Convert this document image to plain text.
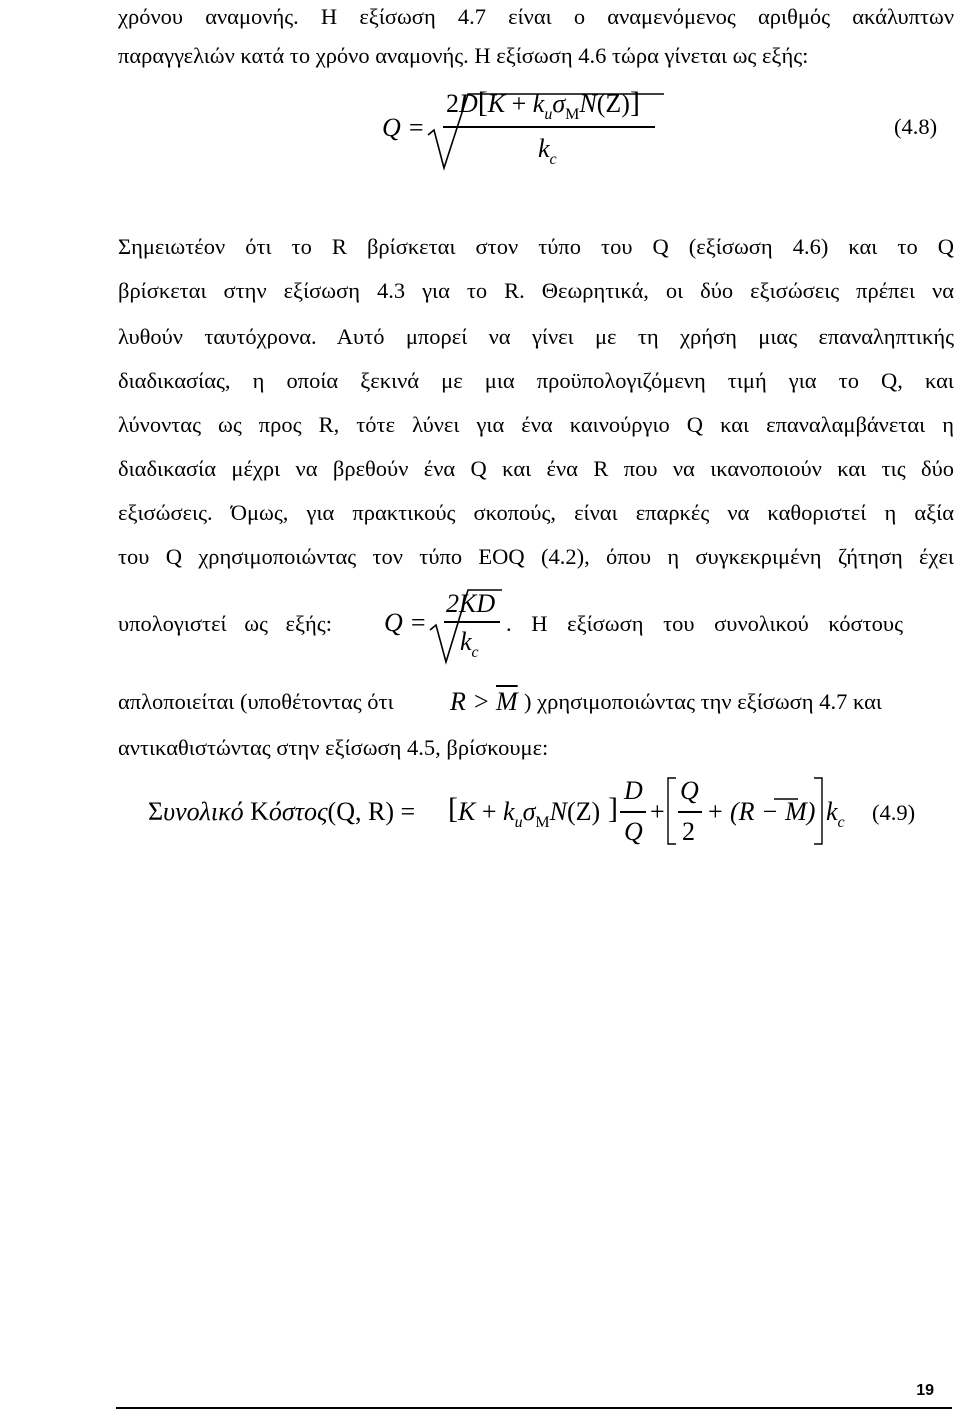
χρόνου αναμονής. Η εξίσωση 4.7 είναι ο αναμενόμενος αριθμός ακάλυπτων
παραγγελιών κατά το χρόνο αναμονής. Η εξίσωση 4.6 τώρα γίνεται ως εξής:
Q =
$2D[K + k_u\sigma_MN(Z)]$
$k_c$
(4.8)
Σημειωτέον ότι το R βρίσκεται στον τύπο του Q (εξίσωση 4.6) και το Q
βρίσκεται στην εξίσωση 4.3 για το R. Θεωρητικά, οι δύο εξισώσεις πρέπει να
λυθούν ταυτόχρονα. Αυτό μπορεί να γίνει με τη χρήση μιας επαναληπτικής
διαδικασίας, η οποία ξεκινά με μια προϋπολογιζόμενη τιμή για το Q, και
λύνοντας ως προς R, τότε λύνει για ένα καινούργιο Q και επαναλαμβάνεται η
διαδικασία μέχρι να βρεθούν ένα Q και ένα R που να ικανοποιούν και τις δύο
εξισώσεις. Όμως, για πρακτικούς σκοπούς, είναι επαρκές να καθοριστεί η αξία
του Q χρησιμοποιώντας τον τύπο EOQ (4.2), όπου η συγκεκριμένη ζήτηση έχει
υπολογιστεί ως εξής: Q =
2KD
$k_c$
. Η εξίσωση του συνολικού κόστους
απλοποιείται (υποθέτοντας ότι $R > \overline{M}$ ) χρησιμοποιώντας την εξίσωση 4.7 και
αντικαθιστώντας στην εξίσωση 4.5, βρίσκουμε:
Συνολικό Κόστος(Q, R) = [ $K + k_u\sigma_MN(Z)$ ]
D
Q
+
Q
2
+ (R − M) $k_c$ (4.9)
19
